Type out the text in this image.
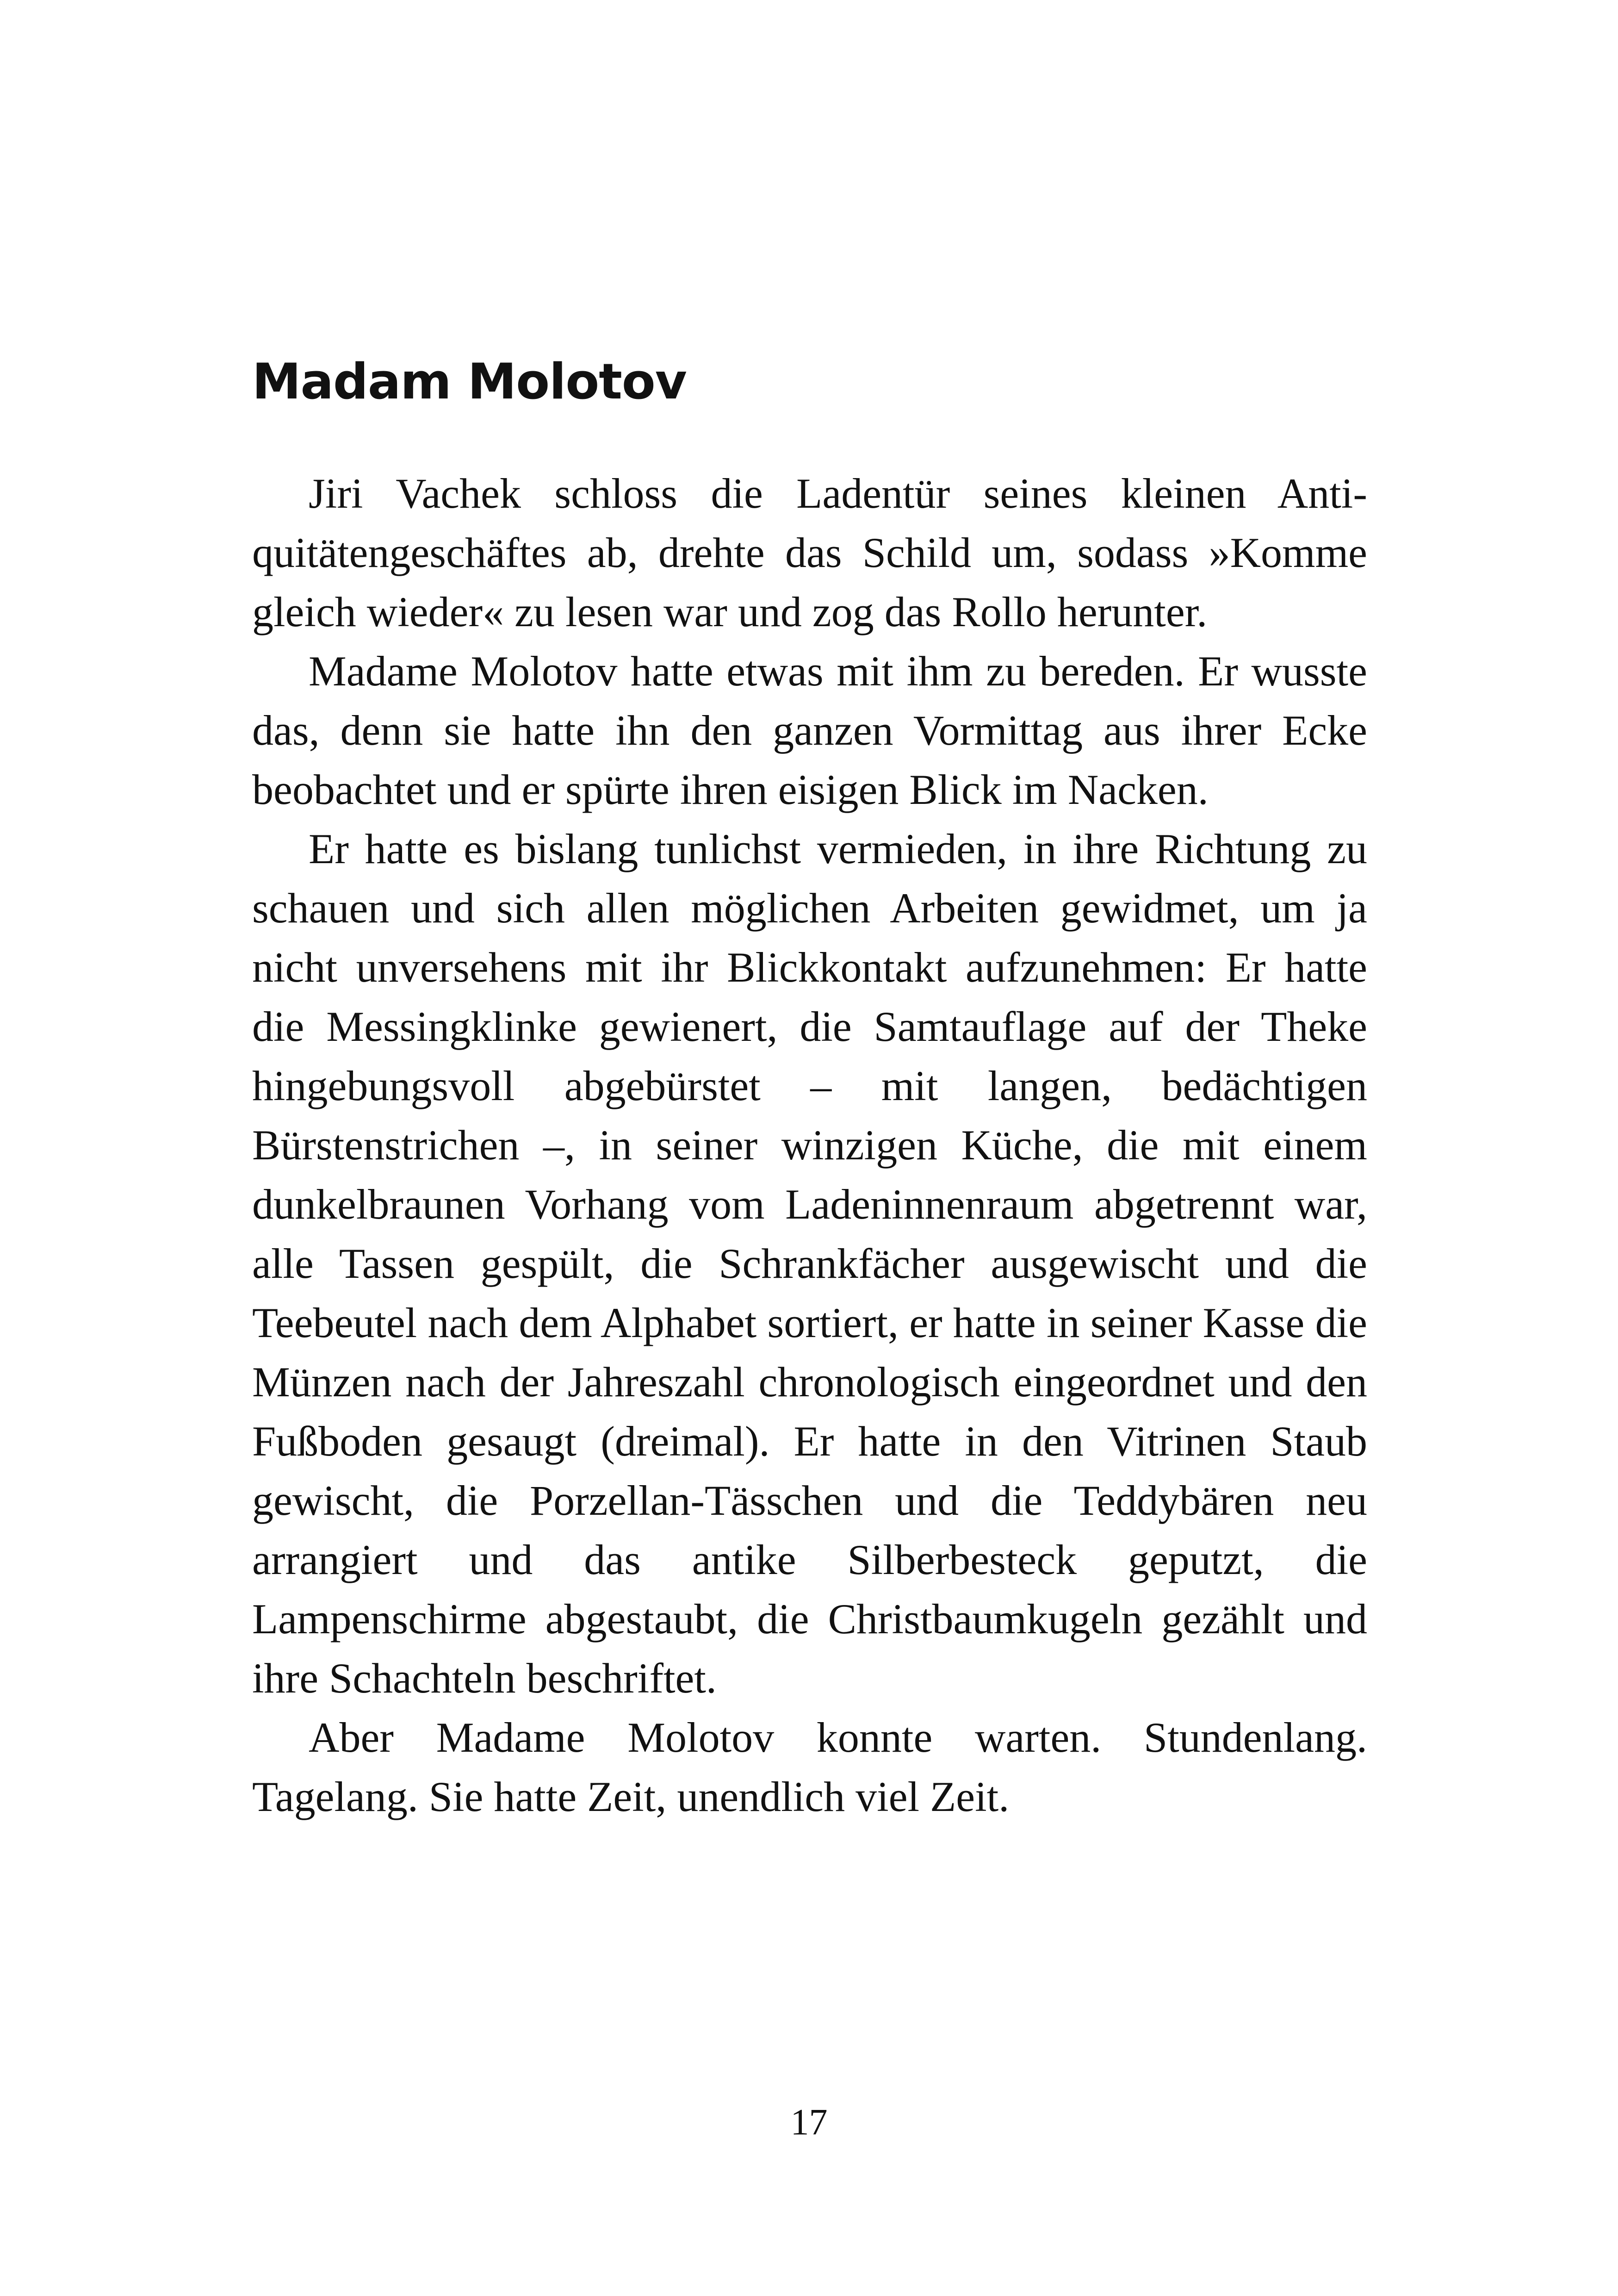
Madam Molotov

Jiri Vachek schloss die Ladentür seines kleinen Antiquitätengeschäftes ab, drehte das Schild um, sodass »Komme gleich wieder« zu lesen war und zog das Rollo herunter.

Madame Molotov hatte etwas mit ihm zu bereden. Er wusste das, denn sie hatte ihn den ganzen Vormittag aus ihrer Ecke beobachtet und er spürte ihren eisigen Blick im Nacken.

Er hatte es bislang tunlichst vermieden, in ihre Richtung zu schauen und sich allen möglichen Arbeiten gewidmet, um ja nicht unversehens mit ihr Blickkontakt aufzunehmen: Er hatte die Messingklinke gewienert, die Samtauflage auf der Theke hingebungsvoll abgebürstet – mit langen, bedächtigen Bürstenstrichen –, in seiner winzigen Küche, die mit einem dunkelbraunen Vorhang vom Ladeninnenraum abgetrennt war, alle Tassen gespült, die Schrankfächer ausgewischt und die Teebeutel nach dem Alphabet sortiert, er hatte in seiner Kasse die Münzen nach der Jahreszahl chronologisch eingeordnet und den Fußboden gesaugt (dreimal). Er hatte in den Vitrinen Staub gewischt, die Porzellan-Tässchen und die Teddybären neu arrangiert und das antike Silberbesteck geputzt, die Lampenschirme abgestaubt, die Christbaumkugeln gezählt und ihre Schachteln beschriftet.

Aber Madame Molotov konnte warten. Stundenlang. Tagelang. Sie hatte Zeit, unendlich viel Zeit.

17
